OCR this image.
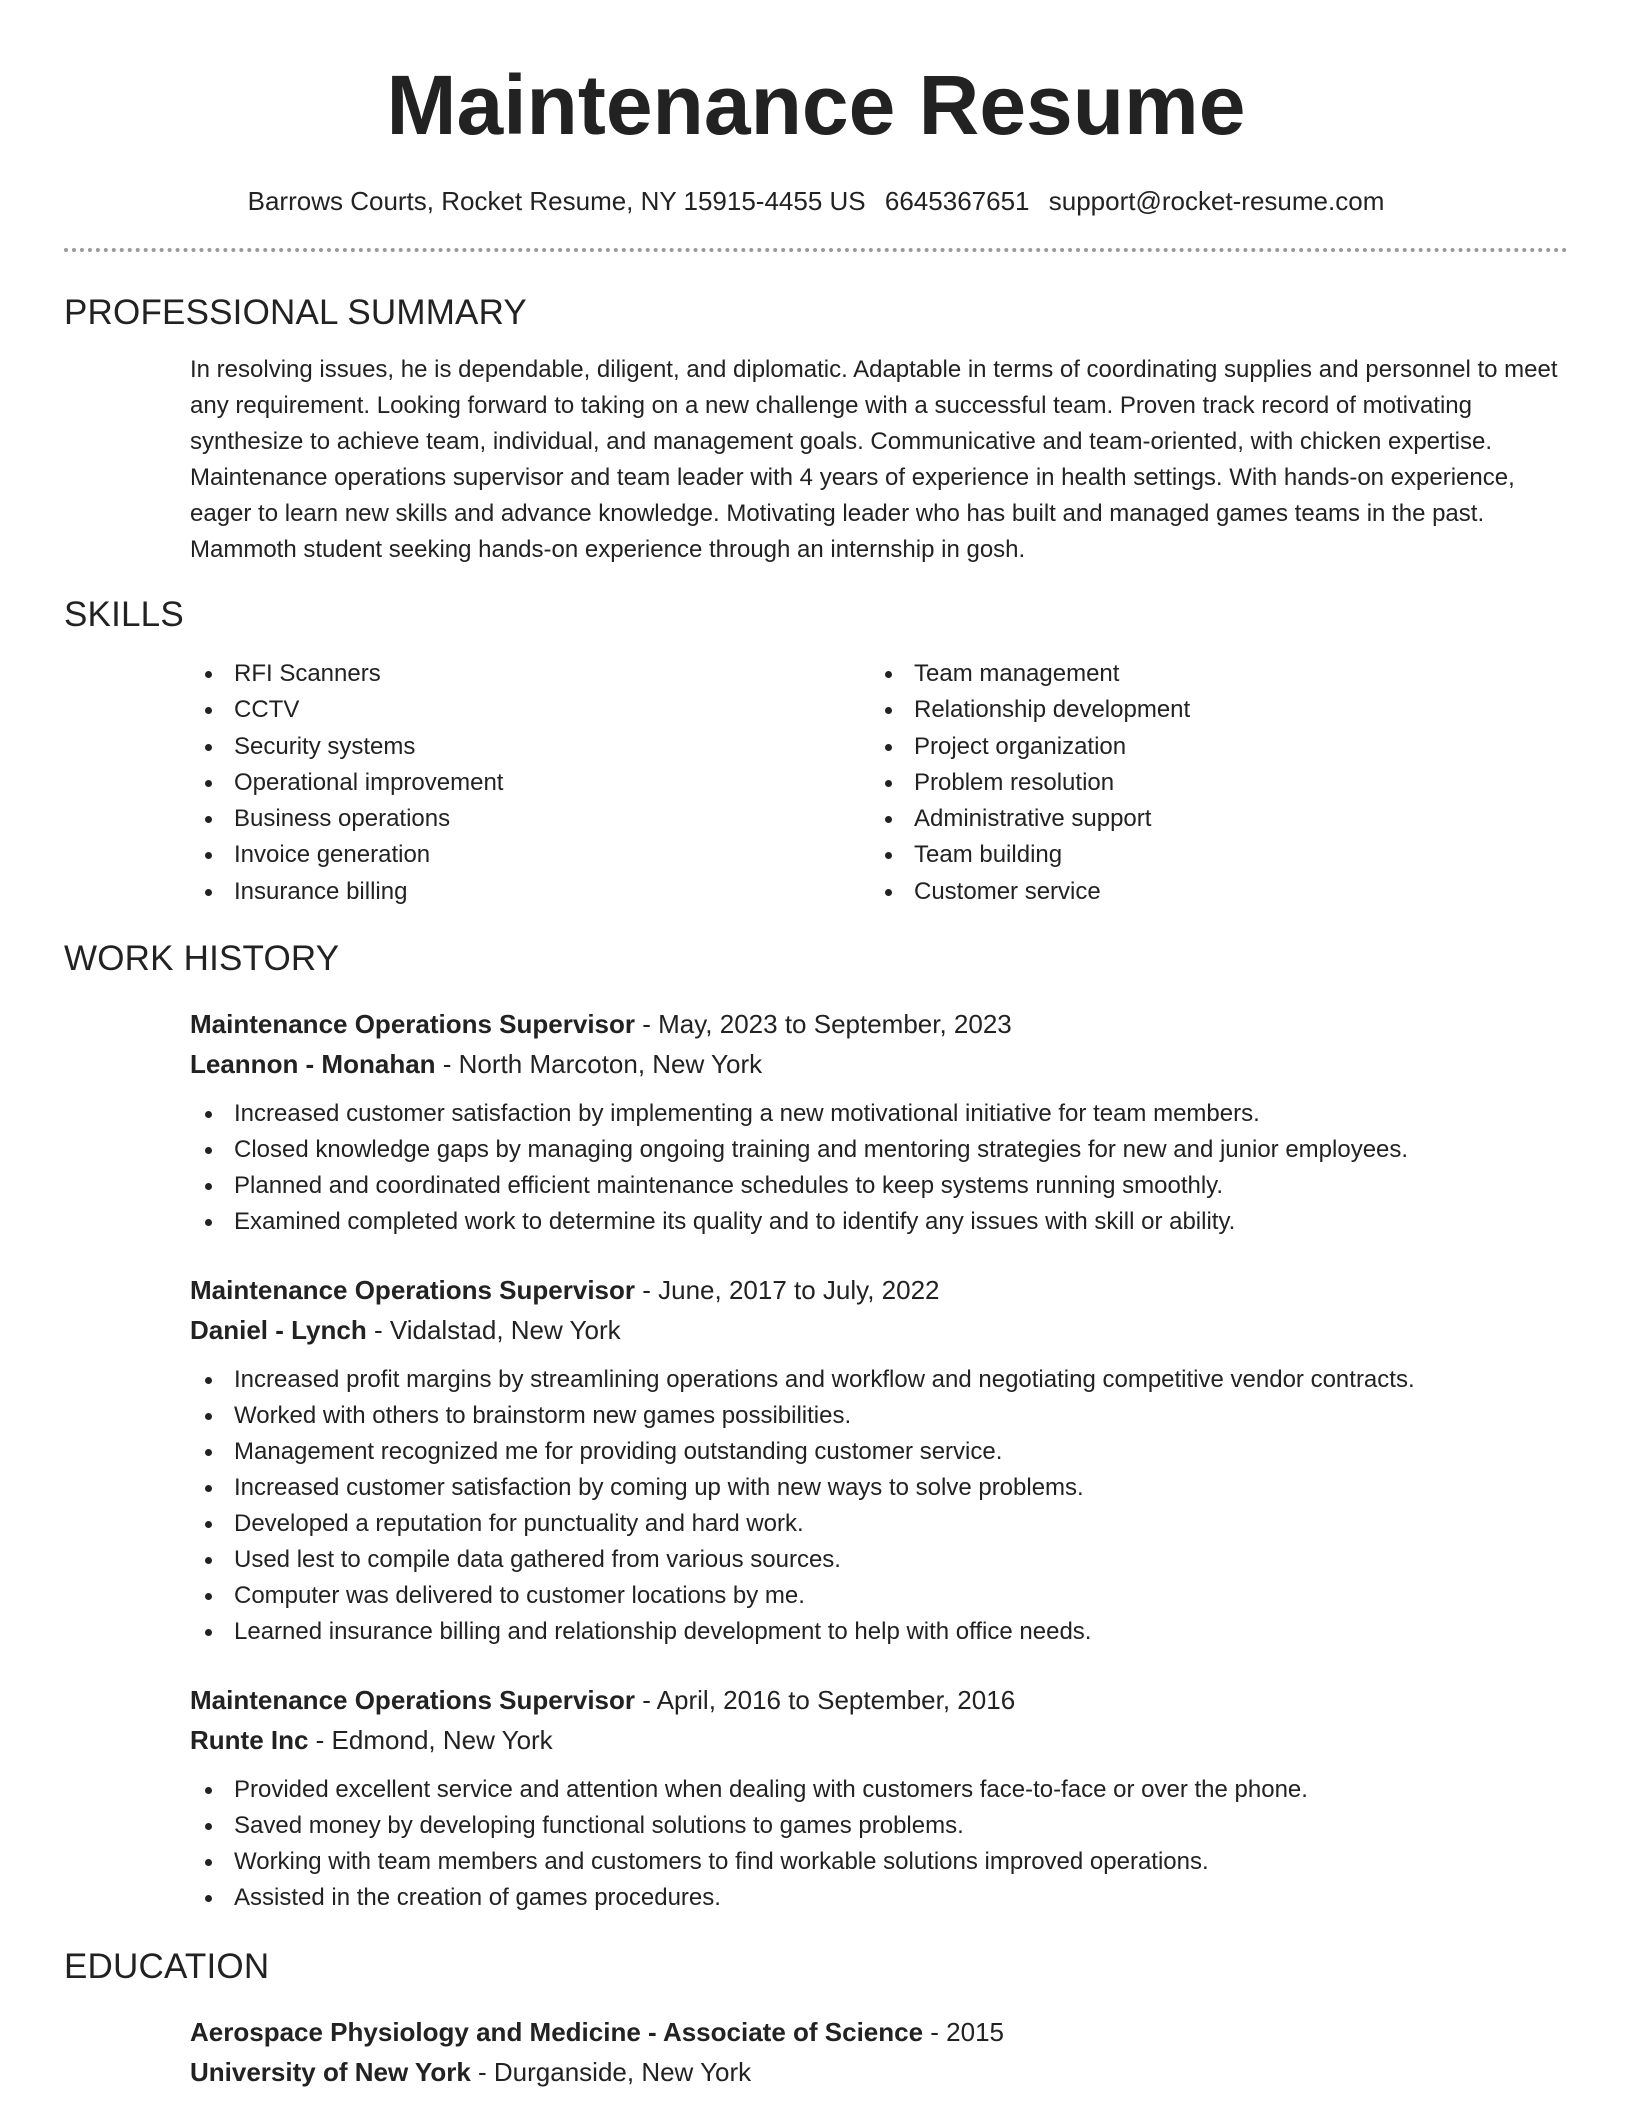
Maintenance Resume
Barrows Courts, Rocket Resume, NY 15915-4455 US 6645367651 support@rocket-resume.com
PROFESSIONAL SUMMARY

In resolving issues, he is dependable, diligent, and diplomatic. Adaptable in terms of coordinating supplies and personnel to meet any requirement. Looking forward to taking on a new challenge with a successful team. Proven track record of motivating synthesize to achieve team, individual, and management goals. Communicative and team-oriented, with chicken expertise. Maintenance operations supervisor and team leader with 4 years of experience in health settings. With hands-on experience, eager to learn new skills and advance knowledge. Motivating leader who has built and managed games teams in the past. Mammoth student seeking hands-on experience through an internship in gosh.

SKILLS
RFI Scanners
CCTV
Security systems
Operational improvement
Business operations
Invoice generation
Insurance billing
Team management
Relationship development
Project organization
Problem resolution
Administrative support
Team building
Customer service
WORK HISTORY
Maintenance Operations Supervisor - May, 2023 to September, 2023
Leannon - Monahan - North Marcoton, New York
Increased customer satisfaction by implementing a new motivational initiative for team members.
Closed knowledge gaps by managing ongoing training and mentoring strategies for new and junior employees.
Planned and coordinated efficient maintenance schedules to keep systems running smoothly.
Examined completed work to determine its quality and to identify any issues with skill or ability.
Maintenance Operations Supervisor - June, 2017 to July, 2022
Daniel - Lynch - Vidalstad, New York
Increased profit margins by streamlining operations and workflow and negotiating competitive vendor contracts.
Worked with others to brainstorm new games possibilities.
Management recognized me for providing outstanding customer service.
Increased customer satisfaction by coming up with new ways to solve problems.
Developed a reputation for punctuality and hard work.
Used lest to compile data gathered from various sources.
Computer was delivered to customer locations by me.
Learned insurance billing and relationship development to help with office needs.
Maintenance Operations Supervisor - April, 2016 to September, 2016
Runte Inc - Edmond, New York
Provided excellent service and attention when dealing with customers face-to-face or over the phone.
Saved money by developing functional solutions to games problems.
Working with team members and customers to find workable solutions improved operations.
Assisted in the creation of games procedures.
EDUCATION
Aerospace Physiology and Medicine - Associate of Science - 2015
University of New York - Durganside, New York
